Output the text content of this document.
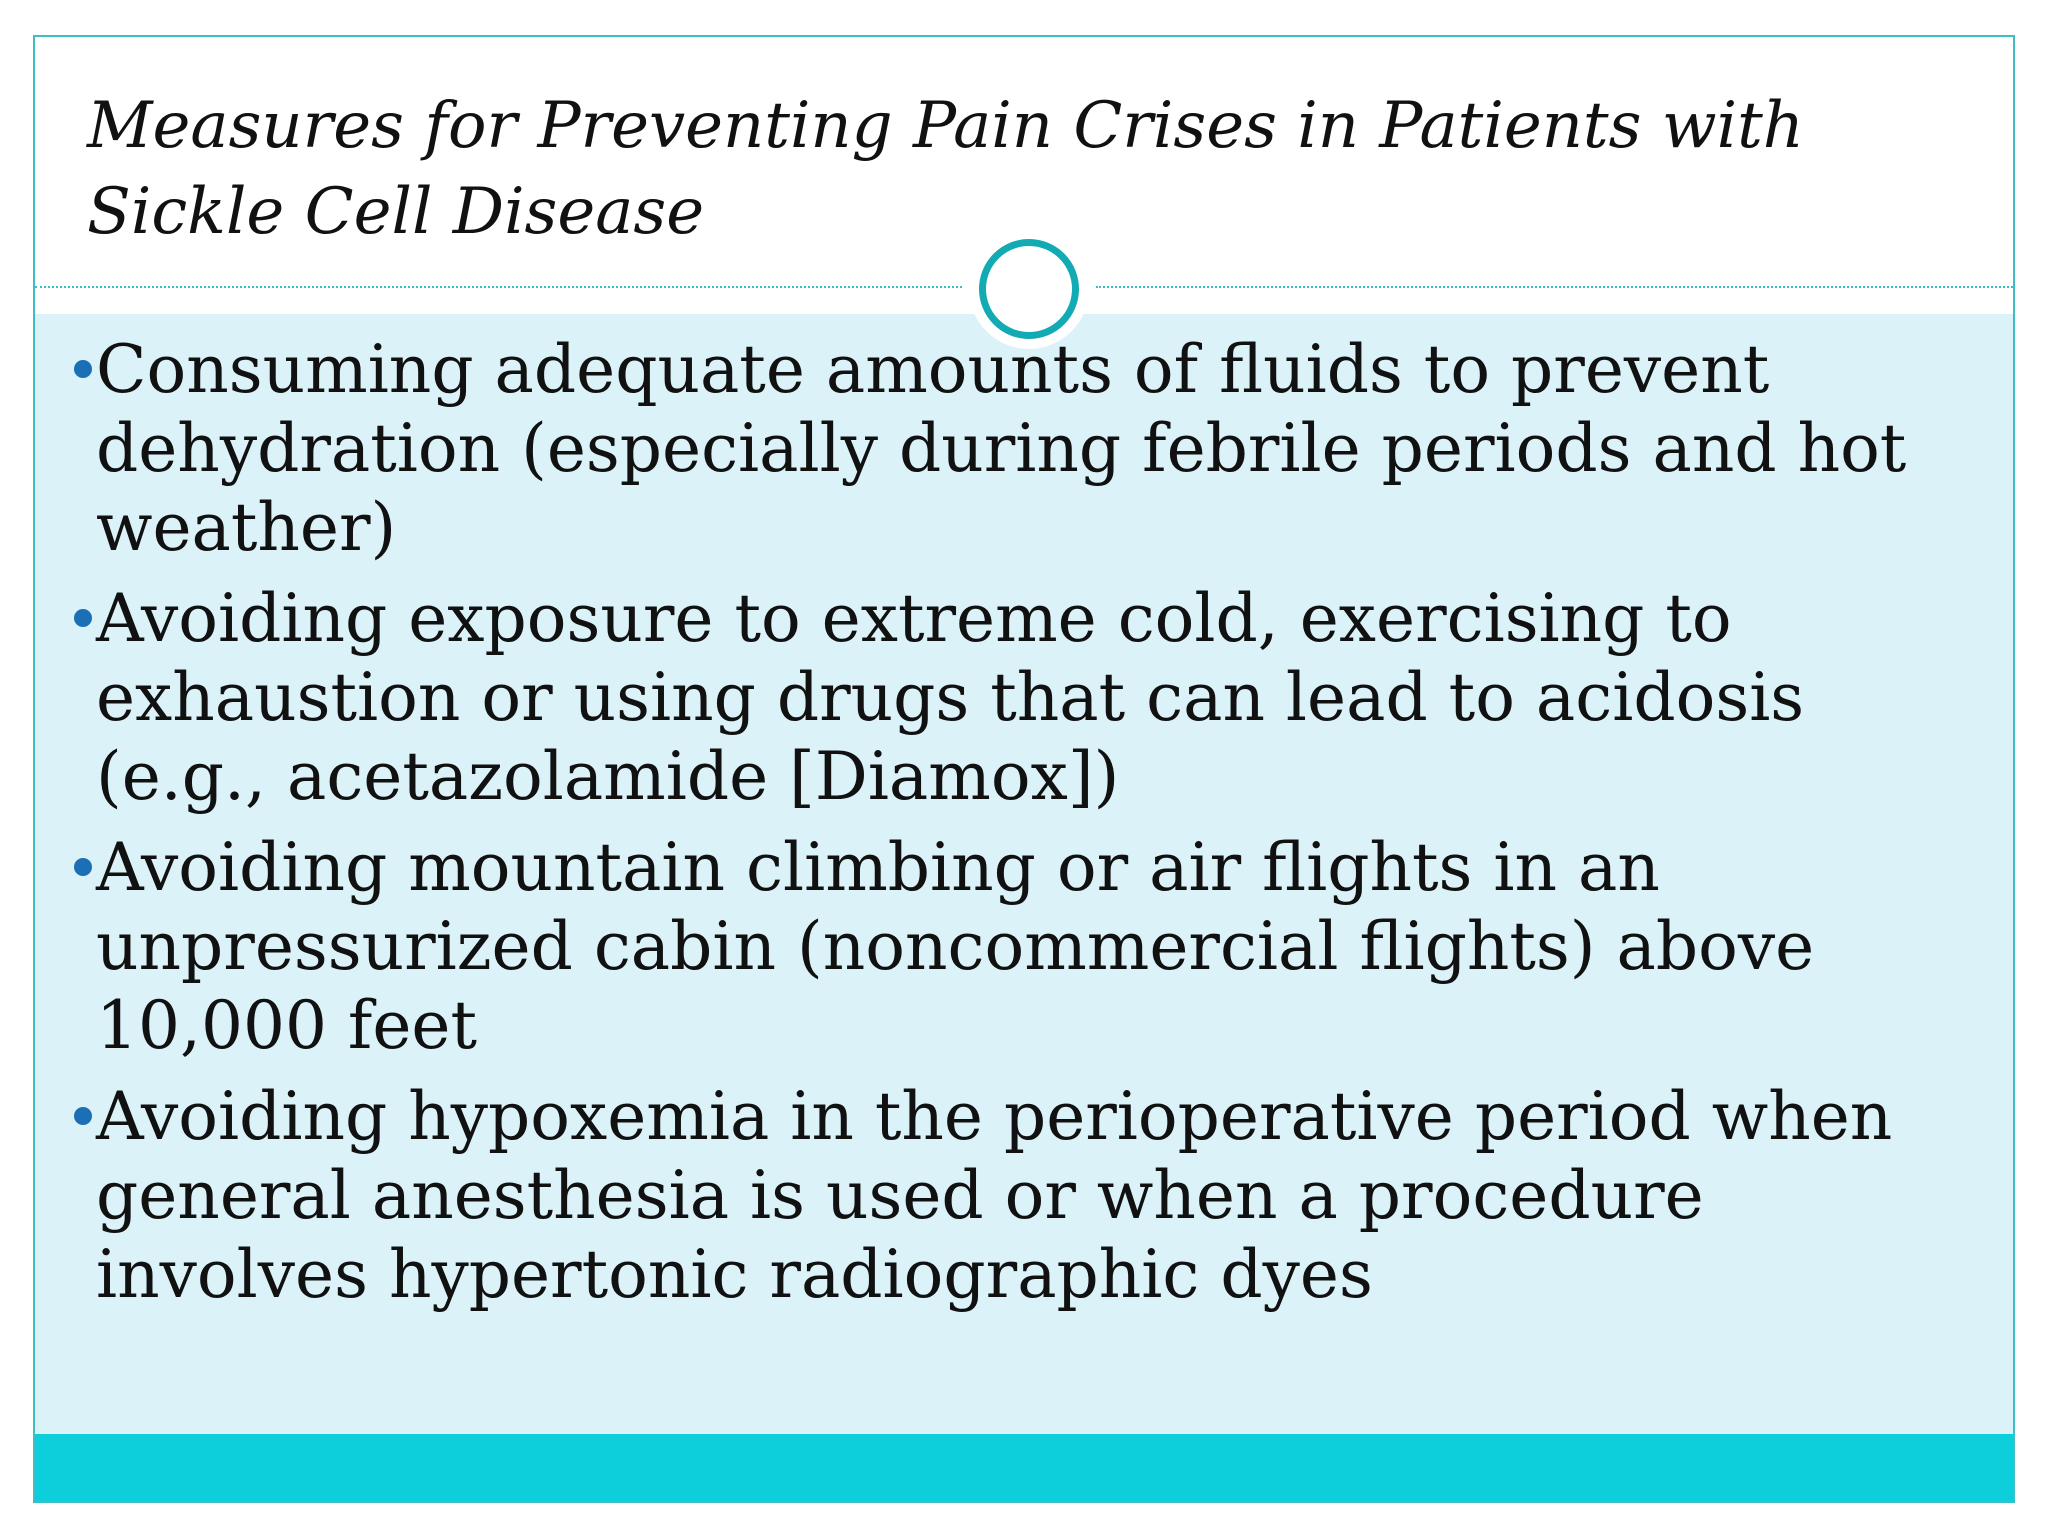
Measures for Preventing Pain Crises in Patients with Sickle Cell Disease
Consuming adequate amounts of fluids to prevent dehydration (especially during febrile periods and hot weather)
Avoiding exposure to extreme cold, exercising to exhaustion or using drugs that can lead to acidosis (e.g., acetazolamide [Diamox])
Avoiding mountain climbing or air flights in an unpressurized cabin (noncommercial flights) above 10,000 feet
Avoiding hypoxemia in the perioperative period when general anesthesia is used or when a procedure involves hypertonic radiographic dyes
